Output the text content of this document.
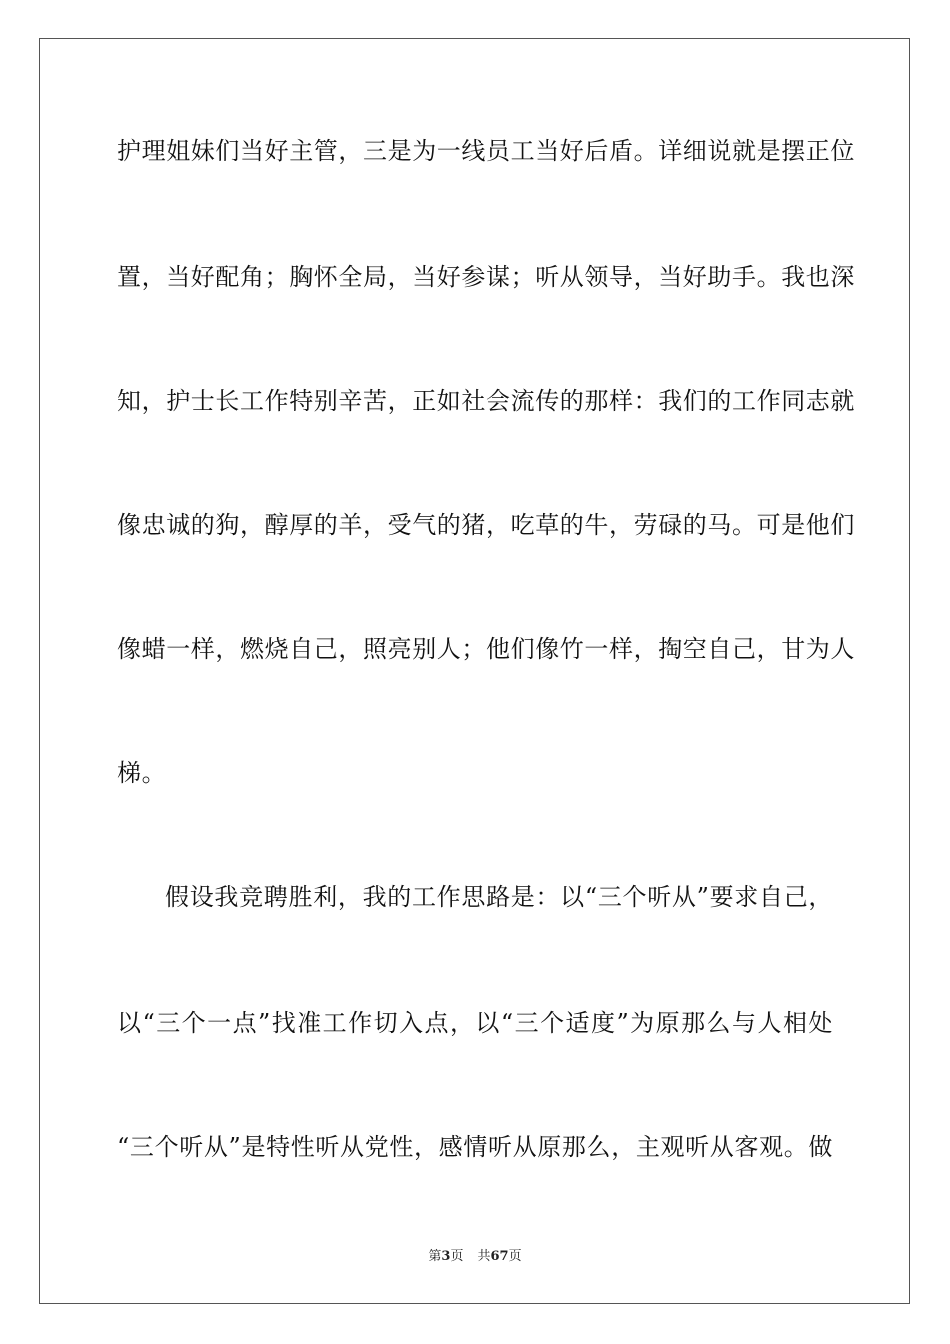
护理姐妹们当好主管，三是为一线员工当好后盾。详细说就是摆正位
置，当好配角；胸怀全局，当好参谋；听从领导，当好助手。我也深
知，护士长工作特别辛苦，正如社会流传的那样：我们的工作同志就
像忠诚的狗，醇厚的羊，受气的猪，吃草的牛，劳碌的马。可是他们
像蜡一样，燃烧自己，照亮别人；他们像竹一样，掏空自己，甘为人
梯。
假设我竞聘胜利，我的工作思路是：以“三个听从”要求自己，
以“三个一点”找准工作切入点，以“三个适度”为原那么与人相处
“三个听从”是特性听从党性，感情听从原那么，主观听从客观。做
第3页 共67页
